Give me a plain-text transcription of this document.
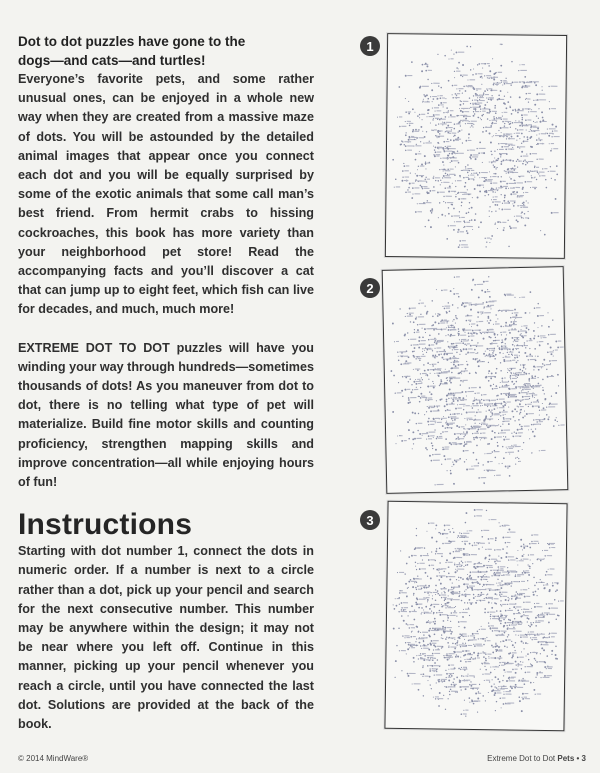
Dot to dot puzzles have gone to the
dogs—and cats—and turtles!

Everyone’s favorite pets, and some rather unusual ones, can be enjoyed in a whole new way when they are created from a massive maze of dots. You will be astounded by the detailed animal images that appear once you connect each dot and you will be equally surprised by some of the exotic animals that some call man’s best friend. From hermit crabs to hissing cockroaches, this book has more variety than your neighborhood pet store! Read the accompanying facts and you’ll discover a cat that can jump up to eight feet, which fish can live for decades, and much, much more!

EXTREME DOT TO DOT puzzles will have you winding your way through hundreds—sometimes thousands of dots! As you maneuver from dot to dot, there is no telling what type of pet will materialize. Build fine motor skills and counting proficiency, strengthen mapping skills and improve concentration—all while enjoying hours of fun!

Instructions

Starting with dot number 1, connect the dots in numeric order. If a number is next to a circle rather than a dot, pick up your pencil and search for the next consecutive number. This number may be anywhere within the design; it may not be near where you left off. Continue in this manner, picking up your pencil whenever you reach a circle, until you have connected the last dot. Solutions are provided at the back of the book.

1
2
3
© 2014 MindWare®	Extreme Dot to Dot Pets • 3
